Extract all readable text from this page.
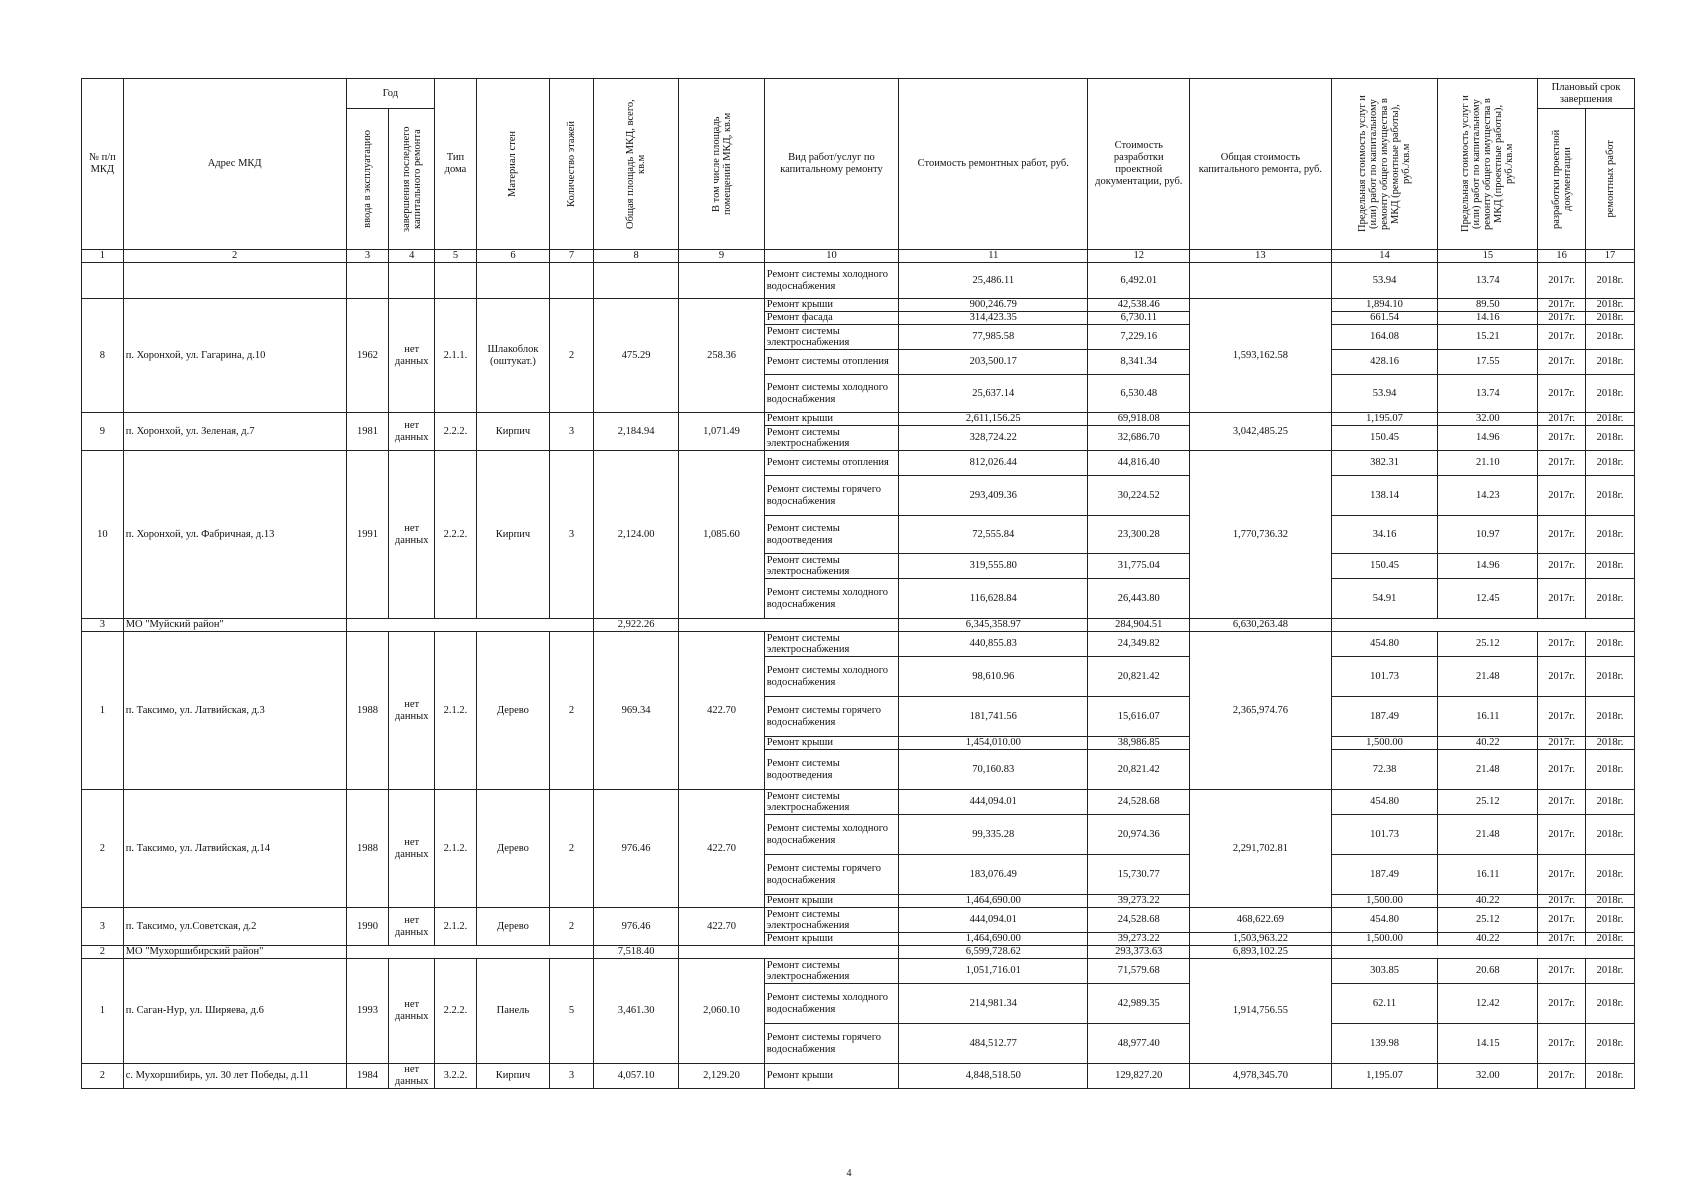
№ п/п МКД	Адрес МКД	Год		Тип дома	Материал стен	Количество этажей	Общая площадь МКД, всего, кв.м	В том числе площадь помещений МКД, кв.м	Вид работ/услуг по капитальному ремонту	Стоимость ремонтных работ, руб.	Стоимость разработки проектной документации, руб.	Общая стоимость капитального ремонта, руб.	Предельная стоимость услуг и (или) работ по капитальному ремонту общего имущества в МКД (ремонтные работы), руб./кв.м	Предельная стоимость услуг и (или) работ по капитальному ремонту общего имущества в МКД (проектные работы), руб./кв.м	Плановый срок завершения	

		ввода в эксплуатацию	завершения последнего капитального ремонта												разработки проектной документации	ремонтных работ

1	2	3	4	5	6	7	8	9	10	11	12	13	14	15	16	17
									Ремонт системы холодного водоснабжения	25,486.11	6,492.01		53.94	13.74	2017г.	2018г.
8	п. Хоронхой, ул. Гагарина, д.10	1962	нет данных	2.1.1.	Шлакоблок (оштукат.)	2	475.29	258.36	Ремонт крыши	900,246.79	42,538.46	1,593,162.58	1,894.10	89.50	2017г.	2018г.
									Ремонт фасада	314,423.35	6,730.11		661.54	14.16	2017г.	2018г.
									Ремонт системы электроснабжения	77,985.58	7,229.16		164.08	15.21	2017г.	2018г.
									Ремонт системы отопления	203,500.17	8,341.34		428.16	17.55	2017г.	2018г.
									Ремонт системы холодного водоснабжения	25,637.14	6,530.48		53.94	13.74	2017г.	2018г.
9	п. Хоронхой, ул. Зеленая, д.7	1981	нет данных	2.2.2.	Кирпич	3	2,184.94	1,071.49	Ремонт крыши	2,611,156.25	69,918.08	3,042,485.25	1,195.07	32.00	2017г.	2018г.
									Ремонт системы электроснабжения	328,724.22	32,686.70		150.45	14.96	2017г.	2018г.
10	п. Хоронхой, ул. Фабричная, д.13	1991	нет данных	2.2.2.	Кирпич	3	2,124.00	1,085.60	Ремонт системы отопления	812,026.44	44,816.40	1,770,736.32	382.31	21.10	2017г.	2018г.
									Ремонт системы горячего водоснабжения	293,409.36	30,224.52		138.14	14.23	2017г.	2018г.
									Ремонт системы водоотведения	72,555.84	23,300.28		34.16	10.97	2017г.	2018г.
									Ремонт системы электроснабжения	319,555.80	31,775.04		150.45	14.96	2017г.	2018г.
									Ремонт системы холодного водоснабжения	116,628.84	26,443.80		54.91	12.45	2017г.	2018г.
3	МО "Муйский район"						2,922.26			6,345,358.97	284,904.51	6,630,263.48				
1	п. Таксимо, ул. Латвийская, д.3	1988	нет данных	2.1.2.	Дерево	2	969.34	422.70	Ремонт системы электроснабжения	440,855.83	24,349.82	2,365,974.76	454.80	25.12	2017г.	2018г.
									Ремонт системы холодного водоснабжения	98,610.96	20,821.42		101.73	21.48	2017г.	2018г.
									Ремонт системы горячего водоснабжения	181,741.56	15,616.07		187.49	16.11	2017г.	2018г.
									Ремонт крыши	1,454,010.00	38,986.85		1,500.00	40.22	2017г.	2018г.
									Ремонт системы водоотведения	70,160.83	20,821.42		72.38	21.48	2017г.	2018г.
2	п. Таксимо, ул. Латвийская, д.14	1988	нет данных	2.1.2.	Дерево	2	976.46	422.70	Ремонт системы электроснабжения	444,094.01	24,528.68	2,291,702.81	454.80	25.12	2017г.	2018г.
									Ремонт системы холодного водоснабжения	99,335.28	20,974.36		101.73	21.48	2017г.	2018г.
									Ремонт системы горячего водоснабжения	183,076.49	15,730.77		187.49	16.11	2017г.	2018г.
									Ремонт крыши	1,464,690.00	39,273.22		1,500.00	40.22	2017г.	2018г.
3	п. Таксимо, ул.Советская, д.2	1990	нет данных	2.1.2.	Дерево	2	976.46	422.70	Ремонт системы электроснабжения	444,094.01	24,528.68	468,622.69	454.80	25.12	2017г.	2018г.
									Ремонт крыши	1,464,690.00	39,273.22	1,503,963.22	1,500.00	40.22	2017г.	2018г.
2	МО "Мухоршибирский район"						7,518.40			6,599,728.62	293,373.63	6,893,102.25				
1	п. Саган-Нур, ул. Ширяева, д.6	1993	нет данных	2.2.2.	Панель	5	3,461.30	2,060.10	Ремонт системы электроснабжения	1,051,716.01	71,579.68	1,914,756.55	303.85	20.68	2017г.	2018г.
									Ремонт системы холодного водоснабжения	214,981.34	42,989.35		62.11	12.42	2017г.	2018г.
									Ремонт системы горячего водоснабжения	484,512.77	48,977.40		139.98	14.15	2017г.	2018г.
2	с. Мухоршибирь, ул. 30 лет Победы, д.11	1984	нет данных	3.2.2.	Кирпич	3	4,057.10	2,129.20	Ремонт крыши	4,848,518.50	129,827.20	4,978,345.70	1,195.07	32.00	2017г.	2018г.
4
